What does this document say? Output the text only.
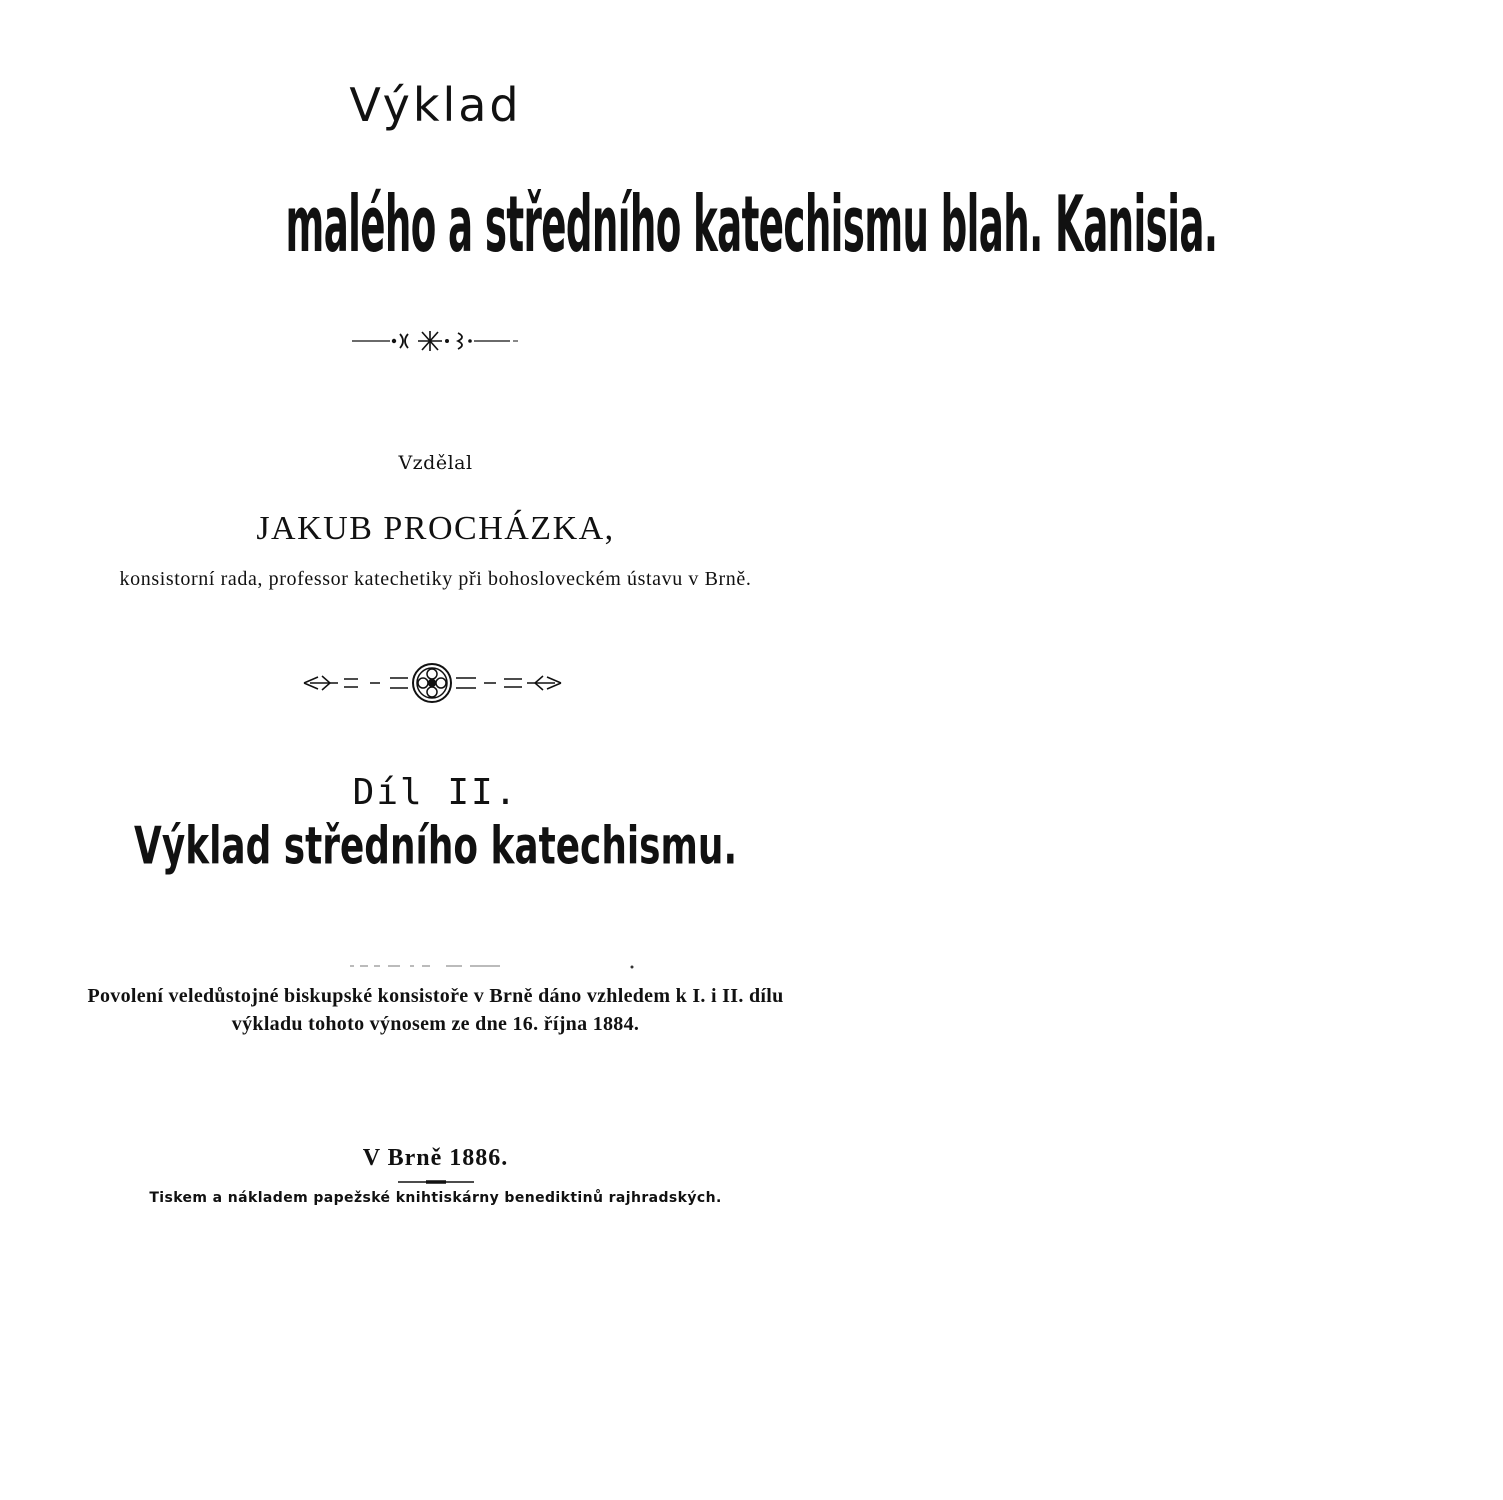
Výklad
malého a středního katechismu blah. Kanisia.
Vzdělal
JAKUB PROCHÁZKA,
konsistorní rada, professor katechetiky při bohosloveckém ústavu v Brně.
Díl II.
Výklad středního katechismu.
Povolení veledůstojné biskupské konsistoře v Brně dáno vzhledem k I. i II. dílu výkladu tohoto výnosem ze dne 16. října 1884.
V Brně 1886.
Tiskem a nákladem papežské knihtiskárny benediktinů rajhradských.
